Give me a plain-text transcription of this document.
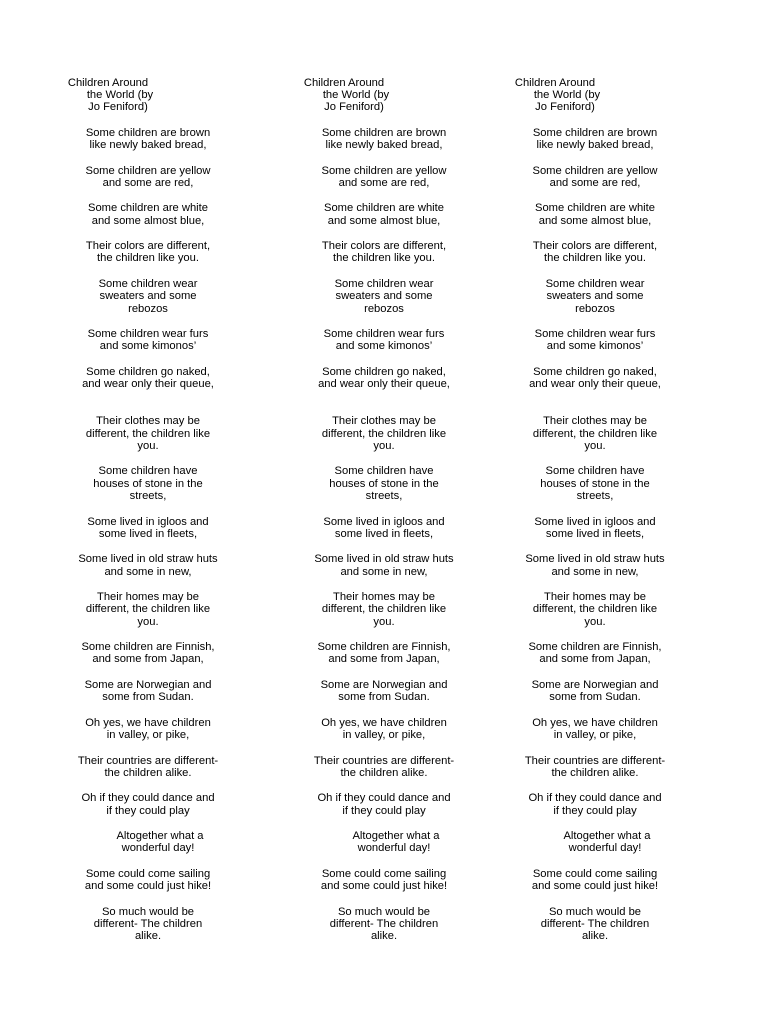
Children Around
the World (by
Jo Feniford)
Some children are brown
like newly baked bread,
Some children are yellow
and some are red,
Some children are white
and some almost blue,
Their colors are different,
the children like you.
Some children wear
sweaters and some
rebozos
Some children wear furs
and some kimonos’
Some children go naked,
and wear only their queue,
Their clothes may be
different, the children like
you.
Some children have
houses of stone in the
streets,
Some lived in igloos and
some lived in fleets,
Some lived in old straw huts
and some in new,
Their homes may be
different, the children like
you.
Some children are Finnish,
and some from Japan,
Some are Norwegian and
some from Sudan.
Oh yes, we have children
in valley, or pike,
Their countries are different-
the children alike.
Oh if they could dance and
if they could play
Altogether what a
wonderful day!
Some could come sailing
and some could just hike!
So much would be
different- The children
alike.
Children Around
the World (by
Jo Feniford)
Some children are brown
like newly baked bread,
Some children are yellow
and some are red,
Some children are white
and some almost blue,
Their colors are different,
the children like you.
Some children wear
sweaters and some
rebozos
Some children wear furs
and some kimonos’
Some children go naked,
and wear only their queue,
Their clothes may be
different, the children like
you.
Some children have
houses of stone in the
streets,
Some lived in igloos and
some lived in fleets,
Some lived in old straw huts
and some in new,
Their homes may be
different, the children like
you.
Some children are Finnish,
and some from Japan,
Some are Norwegian and
some from Sudan.
Oh yes, we have children
in valley, or pike,
Their countries are different-
the children alike.
Oh if they could dance and
if they could play
Altogether what a
wonderful day!
Some could come sailing
and some could just hike!
So much would be
different- The children
alike.
Children Around
the World (by
Jo Feniford)
Some children are brown
like newly baked bread,
Some children are yellow
and some are red,
Some children are white
and some almost blue,
Their colors are different,
the children like you.
Some children wear
sweaters and some
rebozos
Some children wear furs
and some kimonos’
Some children go naked,
and wear only their queue,
Their clothes may be
different, the children like
you.
Some children have
houses of stone in the
streets,
Some lived in igloos and
some lived in fleets,
Some lived in old straw huts
and some in new,
Their homes may be
different, the children like
you.
Some children are Finnish,
and some from Japan,
Some are Norwegian and
some from Sudan.
Oh yes, we have children
in valley, or pike,
Their countries are different-
the children alike.
Oh if they could dance and
if they could play
Altogether what a
wonderful day!
Some could come sailing
and some could just hike!
So much would be
different- The children
alike.
